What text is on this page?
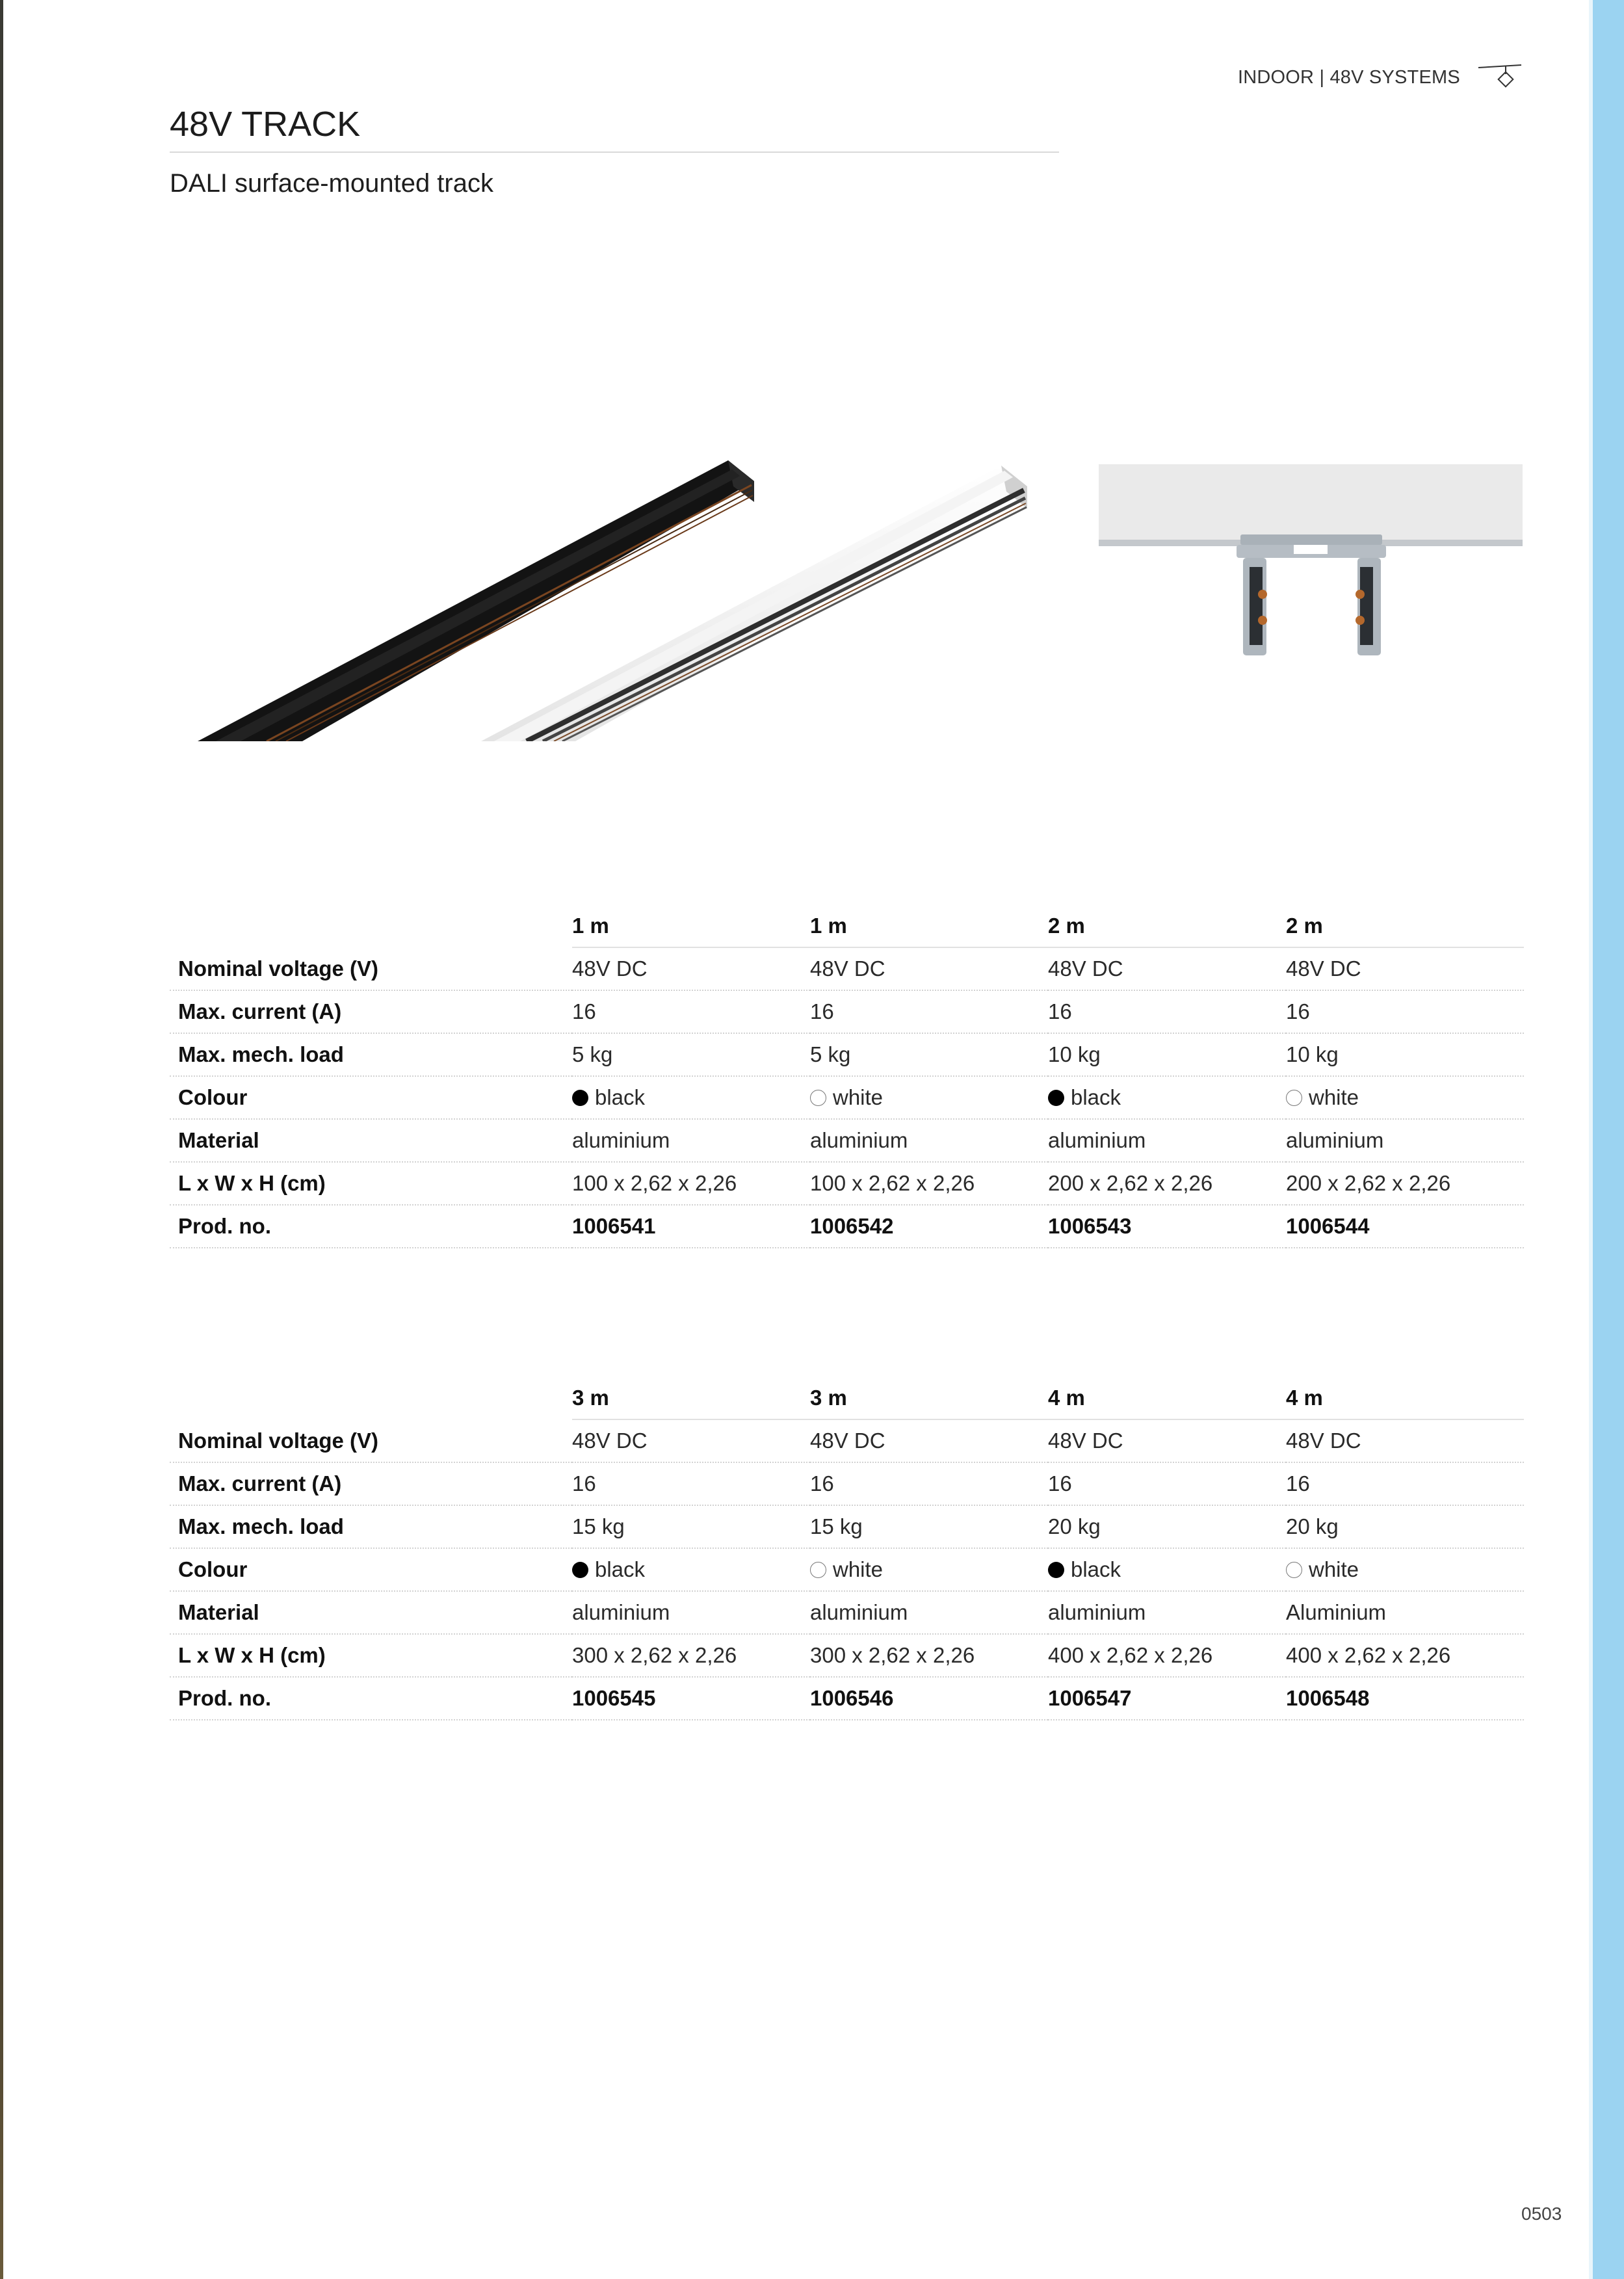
INDOOR | 48V SYSTEMS
48V TRACK
DALI surface-mounted track
	1 m	1 m	2 m	2 m
Nominal voltage (V)	48V DC	48V DC	48V DC	48V DC
Max. current (A)	16	16	16	16
Max. mech. load	5 kg	5 kg	10 kg	10 kg
Colour	black	white	black	white
Material	aluminium	aluminium	aluminium	aluminium
L x W x H (cm)	100 x 2,62 x 2,26	100 x 2,62 x 2,26	200 x 2,62 x 2,26	200 x 2,62 x 2,26
Prod. no.	1006541	1006542	1006543	1006544
	3 m	3 m	4 m	4 m
Nominal voltage (V)	48V DC	48V DC	48V DC	48V DC
Max. current (A)	16	16	16	16
Max. mech. load	15 kg	15 kg	20 kg	20 kg
Colour	black	white	black	white
Material	aluminium	aluminium	aluminium	Aluminium
L x W x H (cm)	300 x 2,62 x 2,26	300 x 2,62 x 2,26	400 x 2,62 x 2,26	400 x 2,62 x 2,26
Prod. no.	1006545	1006546	1006547	1006548
0503
